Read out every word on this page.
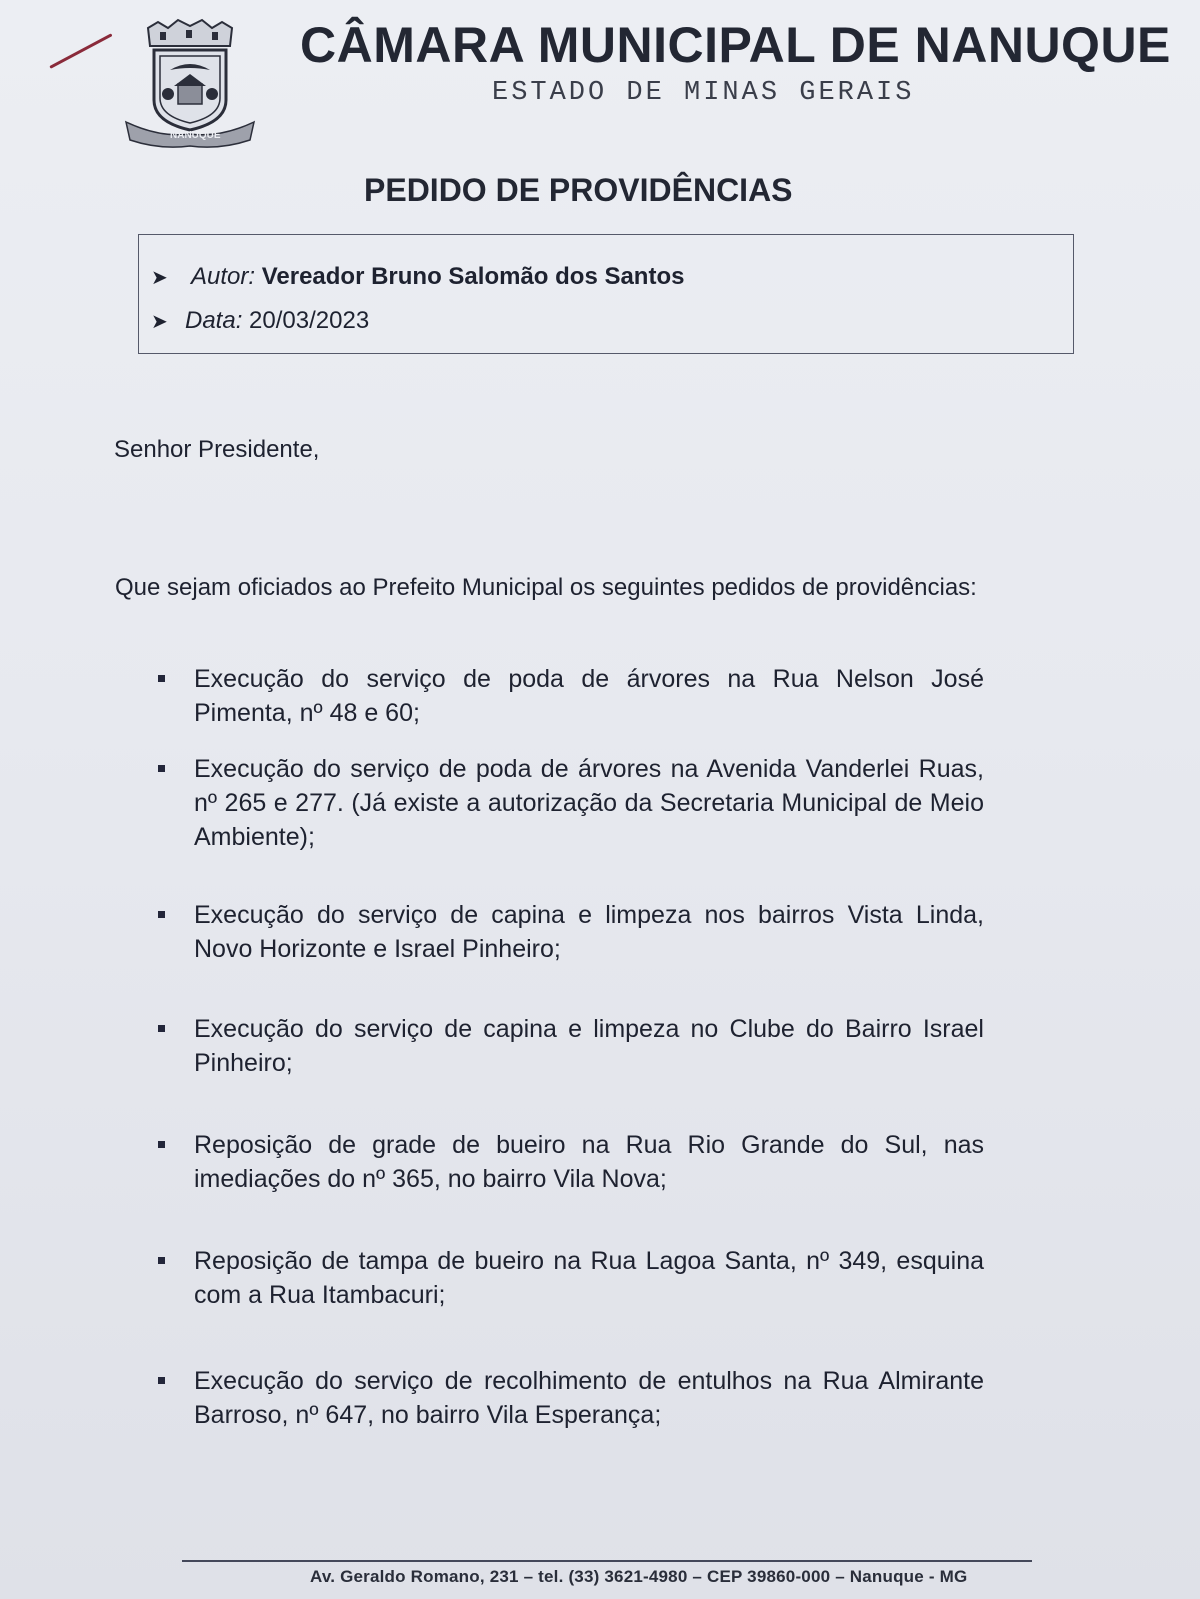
NANUQUE
CÂMARA MUNICIPAL DE NANUQUE
ESTADO DE MINAS GERAIS
PEDIDO DE PROVIDÊNCIAS
➤ Autor: Vereador Bruno Salomão dos Santos
➤ Data: 20/03/2023
Senhor Presidente,
Que sejam oficiados ao Prefeito Municipal os seguintes pedidos de providências:
Execução do serviço de poda de árvores na Rua Nelson José Pimenta, nº 48 e 60;
Execução do serviço de poda de árvores na Avenida Vanderlei Ruas, nº 265 e 277. (Já existe a autorização da Secretaria Municipal de Meio Ambiente);
Execução do serviço de capina e limpeza nos bairros Vista Linda, Novo Horizonte e Israel Pinheiro;
Execução do serviço de capina e limpeza no Clube do Bairro Israel Pinheiro;
Reposição de grade de bueiro na Rua Rio Grande do Sul, nas imediações do nº 365, no bairro Vila Nova;
Reposição de tampa de bueiro na Rua Lagoa Santa, nº 349, esquina com a Rua Itambacuri;
Execução do serviço de recolhimento de entulhos na Rua Almirante Barroso, nº 647, no bairro Vila Esperança;
Av. Geraldo Romano, 231 – tel. (33) 3621-4980 – CEP 39860-000 – Nanuque - MG
